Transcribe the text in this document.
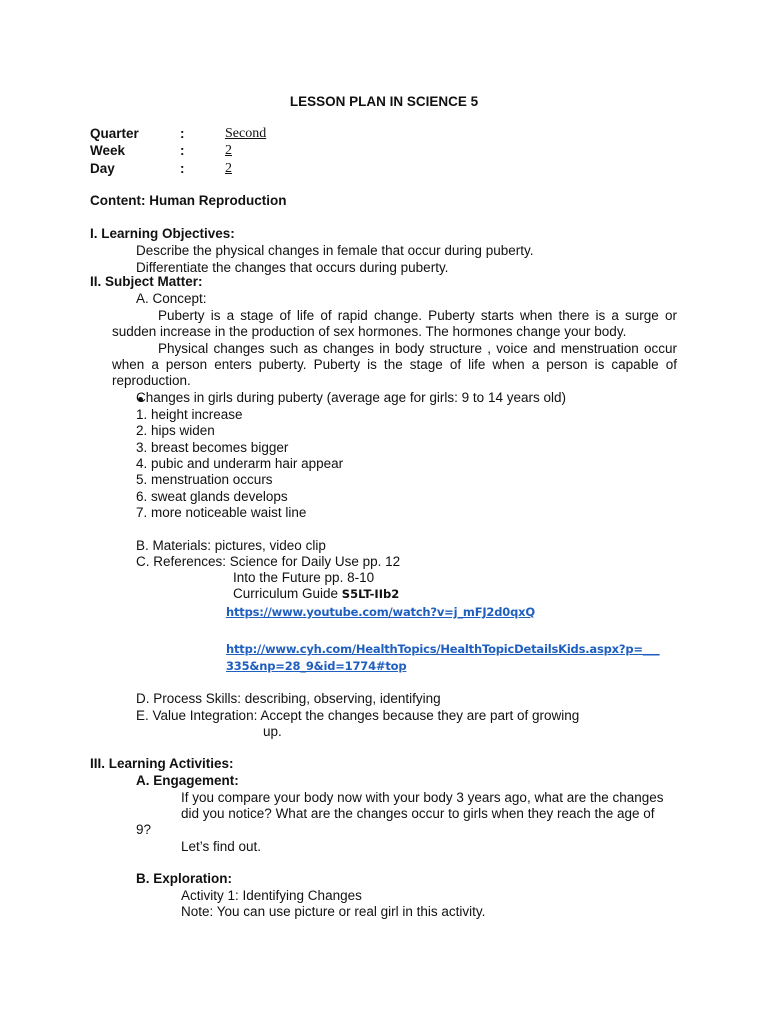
LESSON PLAN IN SCIENCE 5
Quarter	:	Second
Week	:	2
Day	:	2
Content: Human Reproduction
I. Learning Objectives:
Describe the physical changes in female that occur during puberty.
Differentiate the changes that occurs during puberty.
II. Subject Matter:
A. Concept:
Puberty is a stage of life of rapid change. Puberty starts when there is a surge or sudden increase in the production of sex hormones. The hormones change your body.
Physical changes such as changes in body structure , voice and menstruation occur when a person enters puberty. Puberty is the stage of life when a person is capable of reproduction.
Changes in girls during puberty (average age for girls: 9 to 14 years old)
1. height increase
2. hips widen
3. breast becomes bigger
4. pubic and underarm hair appear
5. menstruation occurs
6. sweat glands develops
7. more noticeable waist line
B. Materials: pictures, video clip
C. References: Science for Daily Use pp. 12
Into the Future pp. 8-10
Curriculum Guide S5LT-IIb2
https://www.youtube.com/watch?v=j_mFJ2d0qxQ
http://www.cyh.com/HealthTopics/HealthTopicDetailsKids.aspx?p=___
335&np=28_9&id=1774#top
D. Process Skills: describing, observing, identifying
E. Value Integration: Accept the changes because they are part of growing
up.
III. Learning Activities:
A. Engagement:
If you compare your body now with your body 3 years ago, what are the changes
did you notice? What are the changes occur to girls when they reach the age of
9?
Let’s find out.
B. Exploration:
Activity 1: Identifying Changes
Note: You can use picture or real girl in this activity.
